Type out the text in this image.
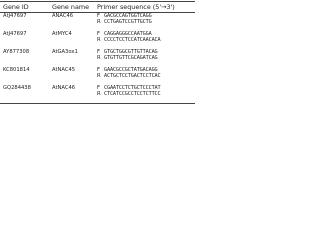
Gene ID	Gene name Primer sequence (5'→3')
AtJ47697	ANAC46	F GACGCCAGTGGTCAGG
R CCTGAGTCCGTTGCTG
AtJ47697	AtMYC4	F CAGGAGGGCCAATGGA
R CCCCTCCTCCATCAACACA
AY877308	AtGA3ox1	F GTGCTGGCGTTGTTACAG
R GTGTTGTTCGCAGATCAG
KC801814	AtNAC45	F GAACGCCGCTATGACAGG
R ACTGCTCCTGACTCCTCAC
GQ284438	AtNAC46	F CGAATCCTCTGCTCCCTAT
R CTCATCCGCCTCCTCTTCC
